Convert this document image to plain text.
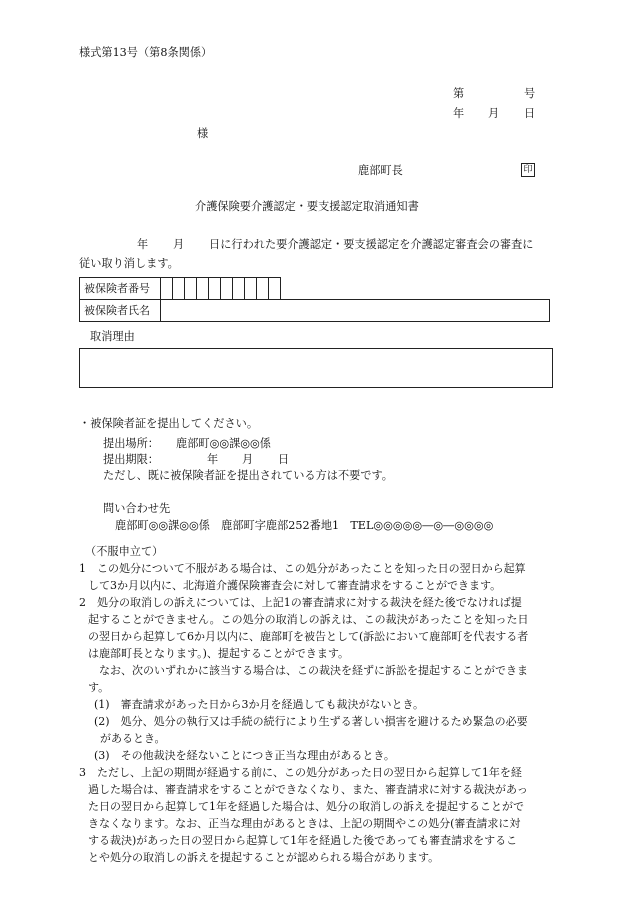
様式第13号（第8条関係）
第	号
年 月 日
様
鹿部町長	印
介護保険要介護認定・要支援認定取消通知書
年 月 日に行われた要介護認定・要支援認定を介護認定審査会の審査に
従い取り消します。
被保険者番号											
被保険者氏名											
取消理由
・被保険者証を提出してください。
提出場所： 鹿部町◎◎課◎◎係
提出期限：	年 月 日
ただし、既に被保険者証を提出されている方は不要です。
問い合わせ先
鹿部町◎◎課◎◎係　鹿部町字鹿部252番地1　TEL◎◎◎◎◎―◎―◎◎◎◎
（不服申立て）
1　この処分について不服がある場合は、この処分があったことを知った日の翌日から起算
して3か月以内に、北海道介護保険審査会に対して審査請求をすることができます。
2　処分の取消しの訴えについては、上記1の審査請求に対する裁決を経た後でなければ提
起することができません。この処分の取消しの訴えは、この裁決があったことを知った日
の翌日から起算して6か月以内に、鹿部町を被告として(訴訟において鹿部町を代表する者
は鹿部町長となります。)、提起することができます。
なお、次のいずれかに該当する場合は、この裁決を経ずに訴訟を提起することができま
す。
(1)　審査請求があった日から3か月を経過しても裁決がないとき。
(2)　処分、処分の執行又は手続の続行により生ずる著しい損害を避けるため緊急の必要
があるとき。
(3)　その他裁決を経ないことにつき正当な理由があるとき。
3　ただし、上記の期間が経過する前に、この処分があった日の翌日から起算して1年を経
過した場合は、審査請求をすることができなくなり、また、審査請求に対する裁決があっ
た日の翌日から起算して1年を経過した場合は、処分の取消しの訴えを提起することがで
きなくなります。なお、正当な理由があるときは、上記の期間やこの処分(審査請求に対
する裁決)があった日の翌日から起算して1年を経過した後であっても審査請求をするこ
とや処分の取消しの訴えを提起することが認められる場合があります。
